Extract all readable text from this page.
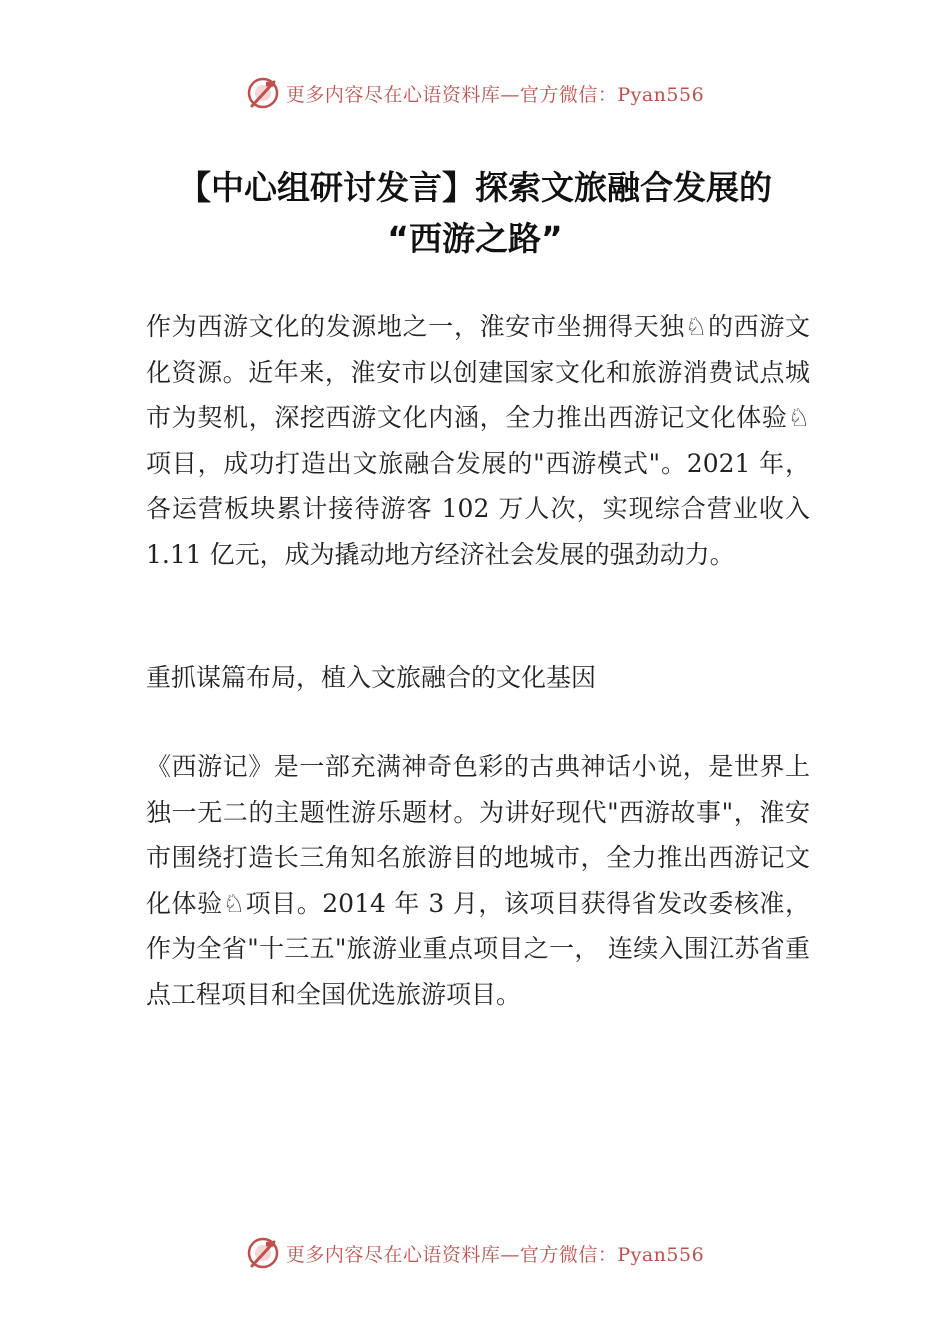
更多内容尽在心语资料库—官方微信：Pyan556
【中心组研讨发言】探索文旅融合发展的
“西游之路”

作为西游文化的发源地之一，淮安市坐拥得天独♘的西游文化资源。近年来，淮安市以创建国家文化和旅游消费试点城市为契机，深挖西游文化内涵，全力推出西游记文化体验♘项目，成功打造出文旅融合发展的"西游模式"。2021 年，各运营板块累计接待游客 102 万人次，实现综合营业收入 1.11 亿元，成为撬动地方经济社会发展的强劲动力。

重抓谋篇布局，植入文旅融合的文化基因

《西游记》是一部充满神奇色彩的古典神话小说，是世界上独一无二的主题性游乐题材。为讲好现代"西游故事"，淮安市围绕打造长三角知名旅游目的地城市，全力推出西游记文化体验♘项目。2014 年 3 月，该项目获得省发改委核准，作为全省"十三五"旅游业重点项目之一， 连续入围江苏省重点工程项目和全国优选旅游项目。

更多内容尽在心语资料库—官方微信：Pyan556
